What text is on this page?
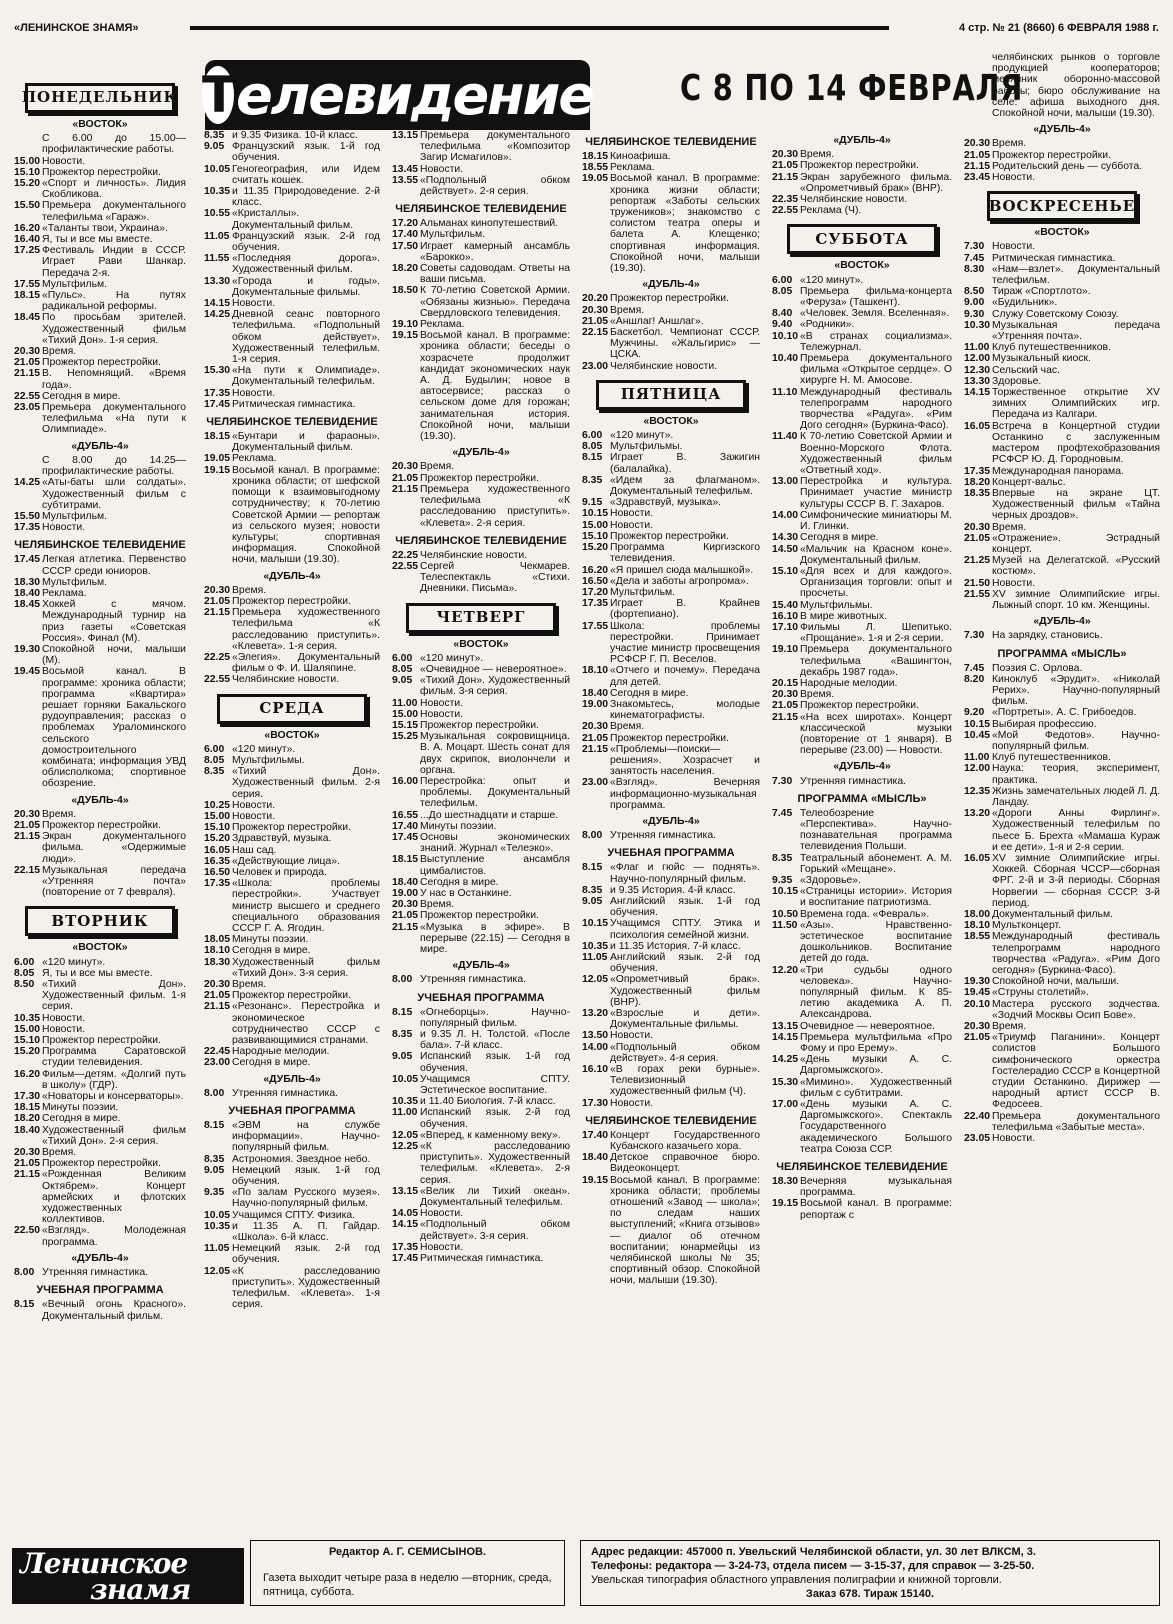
«ЛЕНИНСКОЕ ЗНАМЯ»	4 стр. № 21 (8660) 6 ФЕВРАЛЯ 1988 г.
Т елевидение С 8 ПО 14 ФЕВРАЛЯ
ПОНЕДЕЛЬНИК
«ВОСТОК»
С 6.00 до 15.00—профилактические работы.
15.00 Новости.
15.10 Прожектор перестройки.
15.20 «Спорт и личность». Лидия Скобликова.
15.50 Премьера документального телефильма «Гараж».
16.20 «Таланты твои, Украина».
16.40 Я, ты и все мы вместе.
17.25 Фестиваль Индии в СССР. Играет Рави Шанкар. Передача 2-я.
17.55 Мультфильм.
18.15 «Пульс». На путях радикальной реформы.
18.45 По просьбам зрителей. Художественный фильм «Тихий Дон». 1-я серия.
20.30 Время.
21.05 Прожектор перестройки.
21.15 В. Непомнящий. «Время года».
22.55 Сегодня в мире.
23.05 Премьера документального телефильма «На пути к Олимпиаде».
«ДУБЛЬ-4»
С 8.00 до 14.25—профилактические работы.
14.25 «Аты-баты шли солдаты». Художественный фильм с субтитрами.
15.50 Мультфильм.
17.35 Новости.
ЧЕЛЯБИНСКОЕ ТЕЛЕВИДЕНИЕ
17.45 Легкая атлетика. Первенство СССР среди юниоров.
18.30 Мультфильм.
18.40 Реклама.
18.45 Хоккей с мячом. Международный турнир на приз газеты «Советская Россия». Финал (М).
19.30 Спокойной ночи, малыши (М).
19.45 Восьмой канал. В программе: хроника области; программа «Квартира» решает горняки Бакальского рудоуправления; рассказ о проблемах Ураломинского сельского домостроительного комбината; информация УВД облисполкома; спортивное обозрение.
«ДУБЛЬ-4»
20.30 Время.
21.05 Прожектор перестройки.
21.15 Экран документального фильма. «Одержимые люди».
22.15 Музыкальная передача «Утренняя почта» (повторение от 7 февраля).
ВТОРНИК
«ВОСТОК»
6.00 «120 минут».
8.05 Я, ты и все мы вместе.
8.50 «Тихий Дон». Художественный фильм. 1-я серия.
10.35 Новости.
15.00 Новости.
15.10 Прожектор перестройки.
15.20 Программа Саратовской студии телевидения.
16.20 Фильм—детям. «Долгий путь в школу» (ГДР).
17.30 «Новаторы и консерваторы».
18.15 Минуты поэзии.
18.20 Сегодня в мире.
18.40 Художественный фильм «Тихий Дон». 2-я серия.
20.30 Время.
21.05 Прожектор перестройки.
21.15 «Рожденная Великим Октябрем». Концерт армейских и флотских художественных коллективов.
22.50 «Взгляд». Молодежная программа.
«ДУБЛЬ-4»
8.00 Утренняя гимнастика.
УЧЕБНАЯ ПРОГРАММА
8.15 «Вечный огонь Красного». Документальный фильм.
8.35 и 9.35 Физика. 10-й класс.
9.05 Французский язык. 1-й год обучения.
10.05 Геногеография, или Идем считать кошек.
10.35 и 11.35 Природоведение. 2-й класс.
10.55 «Кристаллы». Документальный фильм.
11.05 Французский язык. 2-й год обучения.
11.55 «Последняя дорога». Художественный фильм.
13.30 «Города и годы». Документальные фильмы.
14.15 Новости.
14.25 Дневной сеанс повторного телефильма. «Подпольный обком действует». Художественный телефильм. 1-я серия.
15.30 «На пути к Олимпиаде». Документальный телефильм.
17.35 Новости.
17.45 Ритмическая гимнастика.
ЧЕЛЯБИНСКОЕ ТЕЛЕВИДЕНИЕ
18.15 «Бунтари и фараоны». Документальный фильм.
19.05 Реклама.
19.15 Восьмой канал. В программе: хроника области; от шефской помощи к взаимовыгодному сотрудничеству; к 70-летию Советской Армии — репортаж из сельского музея; новости культуры; спортивная информация. Спокойной ночи, малыши (19.30).
«ДУБЛЬ-4»
20.30 Время.
21.05 Прожектор перестройки.
21.15 Премьера художественного телефильма «К расследованию приступить». «Клевета». 1-я серия.
22.25 «Элегия». Документальный фильм о Ф. И. Шаляпине.
22.55 Челябинские новости.
СРЕДА
«ВОСТОК»
6.00 «120 минут».
8.05 Мультфильмы.
8.35 «Тихий Дон». Художественный фильм. 2-я серия.
10.25 Новости.
15.00 Новости.
15.10 Прожектор перестройки.
15.20 Здравствуй, музыка.
16.05 Наш сад.
16.35 «Действующие лица».
16.50 Человек и природа.
17.35 «Школа: проблемы перестройки». Участвует министр высшего и среднего специального образования СССР Г. А. Ягодин.
18.05 Минуты поэзии.
18.10 Сегодня в мире.
18.30 Художественный фильм «Тихий Дон». 3-я серия.
20.30 Время.
21.05 Прожектор перестройки.
21.15 «Резонанс». Перестройка и экономическое сотрудничество СССР с развивающимися странами.
22.45 Народные мелодии.
23.00 Сегодня в мире.
«ДУБЛЬ-4»
8.00 Утренняя гимнастика.
УЧЕБНАЯ ПРОГРАММА
8.15 «ЭВМ на службе информации». Научно-популярный фильм.
8.35 Астрономия. Звездное небо.
9.05 Немецкий язык. 1-й год обучения.
9.35 «По залам Русского музея». Научно-популярный фильм.
10.05 Учащимся СПТУ. Физика.
10.35 и 11.35 А. П. Гайдар. «Школа». 6-й класс.
11.05 Немецкий язык. 2-й год обучения.
12.05 «К расследованию приступить». Художественный телефильм. «Клевета». 1-я серия.
13.15 Премьера документального телефильма «Композитор Загир Исмагилов».
13.45 Новости.
13.55 «Подпольный обком действует». 2-я серия.
ЧЕЛЯБИНСКОЕ ТЕЛЕВИДЕНИЕ
17.20 Альманах кинопутешествий.
17.40 Мультфильм.
17.50 Играет камерный ансамбль «Барокко».
18.20 Советы садоводам. Ответы на ваши письма.
18.50 К 70-летию Советской Армии. «Обязаны жизнью». Передача Свердловского телевидения.
19.10 Реклама.
19.15 Восьмой канал. В программе: хроника области; беседы о хозрасчете продолжит кандидат экономических наук А. Д. Будылин; новое в автосервисе; рассказ о сельском доме для горожан; занимательная история. Спокойной ночи, малыши (19.30).
«ДУБЛЬ-4»
20.30 Время.
21.05 Прожектор перестройки.
21.15 Премьера художественного телефильма «К расследованию приступить». «Клевета». 2-я серия.
ЧЕЛЯБИНСКОЕ ТЕЛЕВИДЕНИЕ
22.25 Челябинские новости.
22.55 Сергей Чекмарев. Телеспектакль «Стихи. Дневники. Письма».
ЧЕТВЕРГ
«ВОСТОК»
6.00 «120 минут».
8.05 «Очевидное — невероятное».
9.05 «Тихий Дон». Художественный фильм. 3-я серия.
11.00 Новости.
15.00 Новости.
15.15 Прожектор перестройки.
15.25 Музыкальная сокровищница. В. А. Моцарт. Шесть сонат для двух скрипок, виолончели и органа.
16.00 Перестройка: опыт и проблемы. Документальный телефильм.
16.55 ...До шестнадцати и старше.
17.40 Минуты поэзии.
17.45 Основы экономических знаний. Журнал «Телеэко».
18.15 Выступление ансамбля цимбалистов.
18.40 Сегодня в мире.
19.00 У нас в Останкине.
20.30 Время.
21.05 Прожектор перестройки.
21.15 «Музыка в эфире». В перерыве (22.15) — Сегодня в мире.
«ДУБЛЬ-4»
8.00 Утренняя гимнастика.
УЧЕБНАЯ ПРОГРАММА
8.15 «Огнеборцы». Научно-популярный фильм.
8.35 и 9.35 Л. Н. Толстой. «После бала». 7-й класс.
9.05 Испанский язык. 1-й год обучения.
10.05 Учащимся СПТУ. Эстетическое воспитание.
10.35 и 11.40 Биология. 7-й класс.
11.00 Испанский язык. 2-й год обучения.
12.05 «Вперед, к каменному веку».
12.25 «К расследованию приступить». Художественный телефильм. «Клевета». 2-я серия.
13.15 «Велик ли Тихий океан». Документальный телефильм.
14.05 Новости.
14.15 «Подпольный обком действует». 3-я серия.
17.35 Новости.
17.45 Ритмическая гимнастика.
ЧЕЛЯБИНСКОЕ ТЕЛЕВИДЕНИЕ
18.15 Киноафиша.
18.55 Реклама.
19.05 Восьмой канал. В программе: хроника жизни области; репортаж «Заботы сельских тружеников»; знакомство с солистом театра оперы и балета А. Клещенко; спортивная информация. Спокойной ночи, малыши (19.30).
«ДУБЛЬ-4»
20.20 Прожектор перестройки.
20.30 Время.
21.05 «Аншлаг! Аншлаг».
22.15 Баскетбол. Чемпионат СССР. Мужчины. «Жальгирис» — ЦСКА.
23.00 Челябинские новости.
ПЯТНИЦА
«ВОСТОК»
6.00 «120 минут».
8.05 Мультфильмы.
8.15 Играет В. Зажигин (балалайка).
8.35 «Идем за флагманом». Документальный телефильм.
9.15 «Здравствуй, музыка».
10.15 Новости.
15.00 Новости.
15.10 Прожектор перестройки.
15.20 Программа Киргизского телевидения.
16.20 «Я пришел сюда малышкой».
16.50 «Дела и заботы агропрома».
17.20 Мультфильм.
17.35 Играет В. Крайнев (фортепиано).
17.55 Школа: проблемы перестройки. Принимает участие министр просвещения РСФСР Г. П. Веселов.
18.10 «Отчего и почему». Передача для детей.
18.40 Сегодня в мире.
19.00 Знакомьтесь, молодые кинематографисты.
20.30 Время.
21.05 Прожектор перестройки.
21.15 «Проблемы—поиски—решения». Хозрасчет и занятость населения.
23.00 «Взгляд». Вечерняя информационно-музыкальная программа.
«ДУБЛЬ-4»
8.00 Утренняя гимнастика.
УЧЕБНАЯ ПРОГРАММА
8.15 «Флаг и гюйс — поднять». Научно-популярный фильм.
8.35 и 9.35 История. 4-й класс.
9.05 Английский язык. 1-й год обучения.
10.15 Учащимся СПТУ. Этика и психология семейной жизни.
10.35 и 11.35 История. 7-й класс.
11.05 Английский язык. 2-й год обучения.
12.05 «Опрометчивый брак». Художественный фильм (ВНР).
13.20 «Взрослые и дети». Документальные фильмы.
13.50 Новости.
14.00 «Подпольный обком действует». 4-я серия.
16.10 «В горах реки бурные». Телевизионный художественный фильм (Ч).
17.30 Новости.
ЧЕЛЯБИНСКОЕ ТЕЛЕВИДЕНИЕ
17.40 Концерт Государственного Кубанского казачьего хора.
18.40 Детское справочное бюро. Видеоконцерт.
19.15 Восьмой канал. В программе: хроника области; проблемы отношений «Завод — школа»; по следам наших выступлений; «Книга отзывов» — диалог об отечном воспитании; юнармейцы из челябинской школы № 35; спортивный обзор. Спокойной ночи, малыши (19.30).
«ДУБЛЬ-4»
20.30 Время.
21.05 Прожектор перестройки.
21.15 Экран зарубежного фильма. «Опрометчивый брак» (ВНР).
22.35 Челябинские новости.
22.55 Реклама (Ч).
СУББОТА
«ВОСТОК»
6.00 «120 минут».
8.05 Премьера фильма-концерта «Феруза» (Ташкент).
8.40 «Человек. Земля. Вселенная».
9.40 «Родники».
10.10 «В странах социализма». Тележурнал.
10.40 Премьера документального фильма «Открытое сердце». О хирурге Н. М. Амосове.
11.10 Международный фестиваль телепрограмм народного творчества «Радуга». «Рим Дого сегодня» (Буркина-Фасо).
11.40 К 70-летию Советской Армии и Военно-Морского Флота. Художественный фильм «Ответный ход».
13.00 Перестройка и культура. Принимает участие министр культуры СССР В. Г. Захаров.
14.00 Симфонические миниатюры М. И. Глинки.
14.30 Сегодня в мире.
14.50 «Мальчик на Красном коне». Документальный фильм.
15.10 «Для всех и для каждого». Организация торговли: опыт и просчеты.
15.40 Мультфильмы.
16.10 В мире животных.
17.10 Фильмы Л. Шепитько. «Прощание». 1-я и 2-я серии.
19.10 Премьера документального телефильма «Вашингтон, декабрь 1987 года».
20.15 Народные мелодии.
20.30 Время.
21.05 Прожектор перестройки.
21.15 «На всех широтах». Концерт классической музыки (повторение от 1 января). В перерыве (23.00) — Новости.
«ДУБЛЬ-4»
7.30 Утренняя гимнастика.
ПРОГРАММА «МЫСЛЬ»
7.45 Телеобозрение «Перспектива». Научно-познавательная программа телевидения Польши.
8.35 Театральный абонемент. А. М. Горький «Мещане».
9.35 «Здоровье».
10.15 «Страницы истории». История и воспитание патриотизма.
10.50 Времена года. «Февраль».
11.50 «Азы». Нравственно-эстетическое воспитание дошкольников. Воспитание детей до года.
12.20 «Три судьбы одного человека». Научно-популярный фильм. К 85-летию академика А. П. Александрова.
13.15 Очевидное — невероятное.
14.15 Премьера мультфильма «Про Фому и про Ерему».
14.25 «День музыки А. С. Даргомыжского».
15.30 «Мимино». Художественный фильм с субтитрами.
17.00 «День музыки А. С. Даргомыжского». Спектакль Государственного академического Большого театра Союза ССР.
ЧЕЛЯБИНСКОЕ ТЕЛЕВИДЕНИЕ
18.30 Вечерняя музыкальная программа.
19.15 Восьмой канал. В программе: репортаж с
челябинских рынков о торговле продукцией кооператоров; месячник оборонно-массовой работы; бюро обслуживание на селе: афиша выходного дня. Спокойной ночи, малыши (19.30).
«ДУБЛЬ-4»
20.30 Время.
21.05 Прожектор перестройки.
21.15 Родительский день — суббота.
23.45 Новости.
ВОСКРЕСЕНЬЕ
«ВОСТОК»
7.30 Новости.
7.45 Ритмическая гимнастика.
8.30 «Нам—взлет». Документальный телефильм.
8.50 Тираж «Спортлото».
9.00 «Будильник».
9.30 Служу Советскому Союзу.
10.30 Музыкальная передача «Утренняя почта».
11.00 Клуб путешественников.
12.00 Музыкальный киоск.
12.30 Сельский час.
13.30 Здоровье.
14.15 Торжественное открытие XV зимних Олимпийских игр. Передача из Калгари.
16.05 Встреча в Концертной студии Останкино с заслуженным мастером профтехобразования РСФСР Ю. Д. Городновым.
17.35 Международная панорама.
18.20 Концерт-вальс.
18.35 Впервые на экране ЦТ. Художественный фильм «Тайна черных дроздов».
20.30 Время.
21.05 «Отражение». Эстрадный концерт.
21.25 Музей на Делегатской. «Русский костюм».
21.50 Новости.
21.55 XV зимние Олимпийские игры. Лыжный спорт. 10 км. Женщины.
«ДУБЛЬ-4»
7.30 На зарядку, становись.
ПРОГРАММА «МЫСЛЬ»
7.45 Поэзия С. Орлова.
8.20 Киноклуб «Эрудит». «Николай Рерих». Научно-популярный фильм.
9.20 «Портреты». А. С. Грибоедов.
10.15 Выбирая профессию.
10.45 «Мой Федотов». Научно-популярный фильм.
11.00 Клуб путешественников.
12.00 Наука: теория, эксперимент, практика.
12.35 Жизнь замечательных людей Л. Д. Ландау.
13.20 «Дороги Анны Фирлинг». Художественный телефильм по пьесе Б. Брехта «Мамаша Кураж и ее дети». 1-я и 2-я серии.
16.05 XV зимние Олимпийские игры. Хоккей. Сборная ЧССР—сборная ФРГ. 2-й и 3-й периоды. Сборная Норвегии — сборная СССР. 3-й период.
18.00 Документальный фильм.
18.10 Мультконцерт.
18.55 Международный фестиваль телепрограмм народного творчества «Радуга». «Рим Дого сегодня» (Буркина-Фасо).
19.30 Спокойной ночи, малыши.
19.45 «Струны столетий».
20.10 Мастера русского зодчества. «Зодчий Москвы Осип Бове».
20.30 Время.
21.05 «Триумф Паганини». Концерт солистов Большого симфонического оркестра Гостелерадио СССР в Концертной студии Останкино. Дирижер — народный артист СССР В. Федосеев.
22.40 Премьера документального телефильма «Забытые места».
23.05 Новости.
Ленинское
знамя
Редактор А. Г. СЕМИСЫНОВ.
Газета выходит четыре раза в неделю —вторник, среда, пятница, суббота.
Адрес редакции: 457000 п. Увельский Челябинской области, ул. 30 лет ВЛКСМ, 3.
Телефоны: редактора — 3-24-73, отдела писем — 3-15-37, для справок — 3-25-50.
Увельская типография областного управления полиграфии и книжной торговли.
Заказ 678. Тираж 15140.
